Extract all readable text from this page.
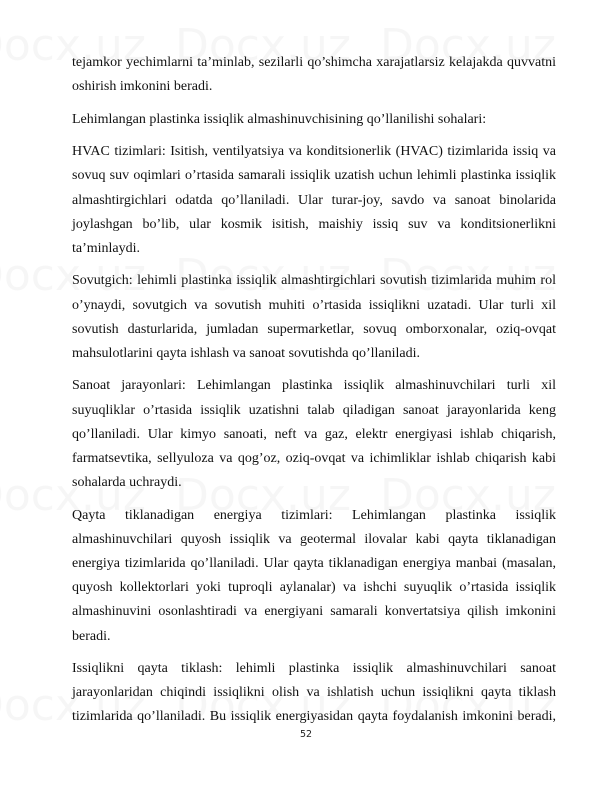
tejamkor yechimlarni ta’minlab, sezilarli qo’shimcha xarajatlarsiz kelajakda quvvatni
oshirish imkonini beradi.
Lehimlangan plastinka issiqlik almashinuvchisining qo’llanilishi sohalari:
HVAC tizimlari: Isitish, ventilyatsiya va konditsionerlik (HVAC) tizimlarida issiq va
sovuq suv oqimlari o’rtasida samarali issiqlik uzatish uchun lehimli plastinka issiqlik
almashtirgichlari odatda qo’llaniladi. Ular turar-joy, savdo va sanoat binolarida
joylashgan bo’lib, ular kosmik isitish, maishiy issiq suv va konditsionerlikni
ta’minlaydi.
Sovutgich: lehimli plastinka issiqlik almashtirgichlari sovutish tizimlarida muhim rol
o’ynaydi, sovutgich va sovutish muhiti o’rtasida issiqlikni uzatadi. Ular turli xil
sovutish dasturlarida, jumladan supermarketlar, sovuq omborxonalar, oziq-ovqat
mahsulotlarini qayta ishlash va sanoat sovutishda qo’llaniladi.
Sanoat jarayonlari: Lehimlangan plastinka issiqlik almashinuvchilari turli xil
suyuqliklar o’rtasida issiqlik uzatishni talab qiladigan sanoat jarayonlarida keng
qo’llaniladi. Ular kimyo sanoati, neft va gaz, elektr energiyasi ishlab chiqarish,
farmatsevtika, sellyuloza va qog’oz, oziq-ovqat va ichimliklar ishlab chiqarish kabi
sohalarda uchraydi.
Qayta tiklanadigan energiya tizimlari: Lehimlangan plastinka issiqlik
almashinuvchilari quyosh issiqlik va geotermal ilovalar kabi qayta tiklanadigan
energiya tizimlarida qo’llaniladi. Ular qayta tiklanadigan energiya manbai (masalan,
quyosh kollektorlari yoki tuproqli aylanalar) va ishchi suyuqlik o’rtasida issiqlik
almashinuvini osonlashtiradi va energiyani samarali konvertatsiya qilish imkonini
beradi.
Issiqlikni qayta tiklash: lehimli plastinka issiqlik almashinuvchilari sanoat
jarayonlaridan chiqindi issiqlikni olish va ishlatish uchun issiqlikni qayta tiklash
tizimlarida qo’llaniladi. Bu issiqlik energiyasidan qayta foydalanish imkonini beradi,
52
